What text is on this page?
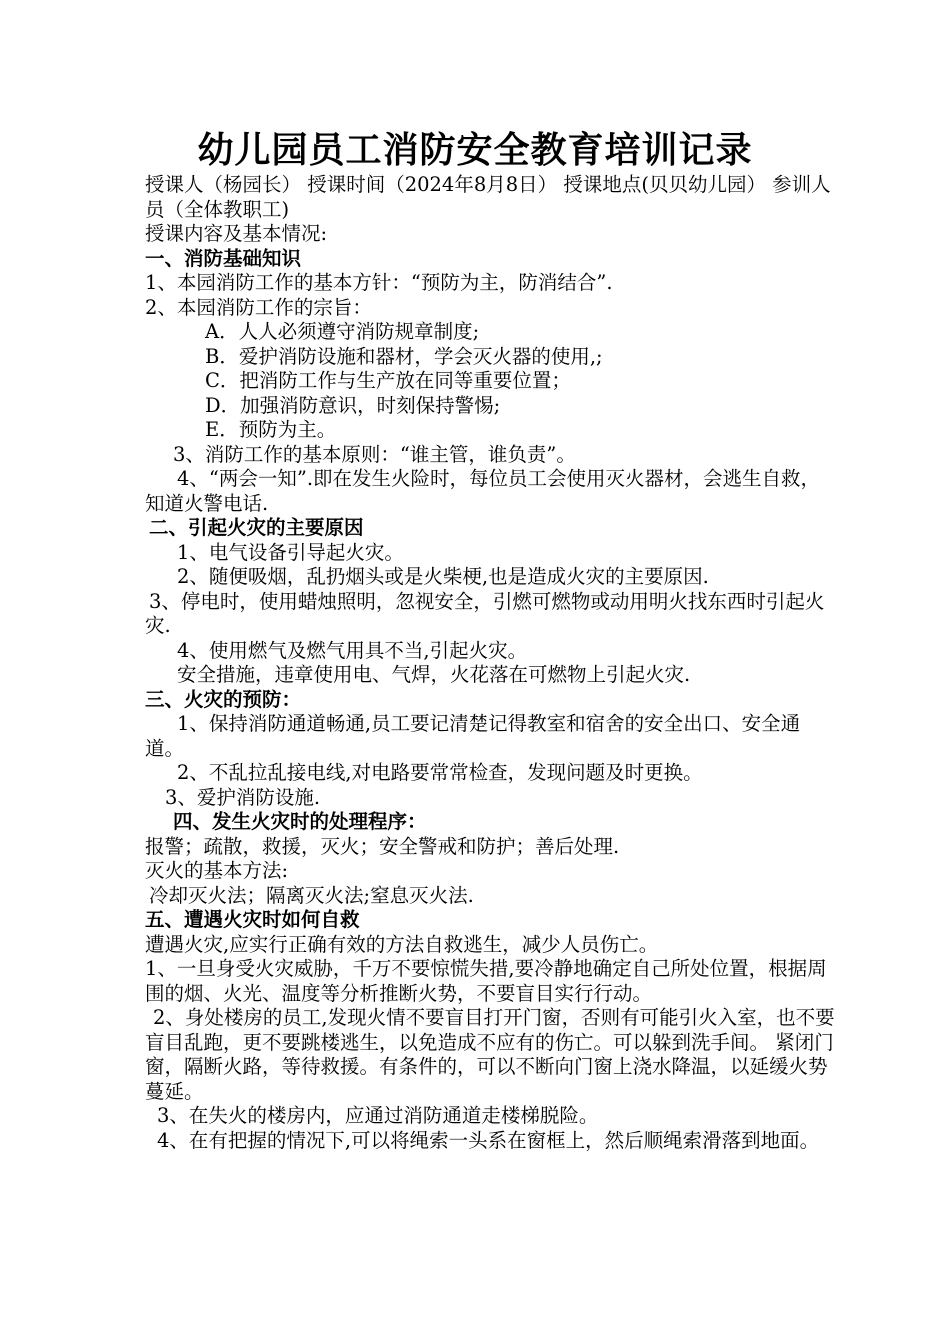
幼儿园员工消防安全教育培训记录
授课人（杨园长） 授课时间（2024年8月8日） 授课地点(贝贝幼儿园） 参训人员（全体教职工)
授课内容及基本情况:
一、消防基础知识
1、本园消防工作的基本方针：“预防为主，防消结合”.
2、本园消防工作的宗旨：
A．人人必须遵守消防规章制度;
B．爱护消防设施和器材，学会灭火器的使用,;
C．把消防工作与生产放在同等重要位置；
D．加强消防意识，时刻保持警惕;
E．预防为主。
3、消防工作的基本原则：“谁主管，谁负责”。
4、“两会一知”.即在发生火险时，每位员工会使用灭火器材，会逃生自救，知道火警电话.
二、引起火灾的主要原因
1、电气设备引导起火灾。
2、随便吸烟，乱扔烟头或是火柴梗,也是造成火灾的主要原因.
3、停电时，使用蜡烛照明，忽视安全，引燃可燃物或动用明火找东西时引起火灾.
4、使用燃气及燃气用具不当,引起火灾。
安全措施，违章使用电、气焊，火花落在可燃物上引起火灾.
三、火灾的预防：
1、保持消防通道畅通,员工要记清楚记得教室和宿舍的安全出口、安全通道。
2、不乱拉乱接电线,对电路要常常检查，发现问题及时更换。
3、爱护消防设施.
四、发生火灾时的处理程序：
报警；疏散，救援，灭火；安全警戒和防护；善后处理.
灭火的基本方法:
冷却灭火法；隔离灭火法;窒息灭火法.
五、遭遇火灾时如何自救
遭遇火灾,应实行正确有效的方法自救逃生，减少人员伤亡。
1、一旦身受火灾威胁，千万不要惊慌失措,要冷静地确定自己所处位置，根据周围的烟、火光、温度等分析推断火势，不要盲目实行行动。
2、身处楼房的员工,发现火情不要盲目打开门窗，否则有可能引火入室，也不要盲目乱跑，更不要跳楼逃生，以免造成不应有的伤亡。可以躲到洗手间。 紧闭门窗，隔断火路，等待救援。有条件的，可以不断向门窗上浇水降温，以延缓火势蔓延。
3、在失火的楼房内，应通过消防通道走楼梯脱险。
4、在有把握的情况下,可以将绳索一头系在窗框上，然后顺绳索滑落到地面。
